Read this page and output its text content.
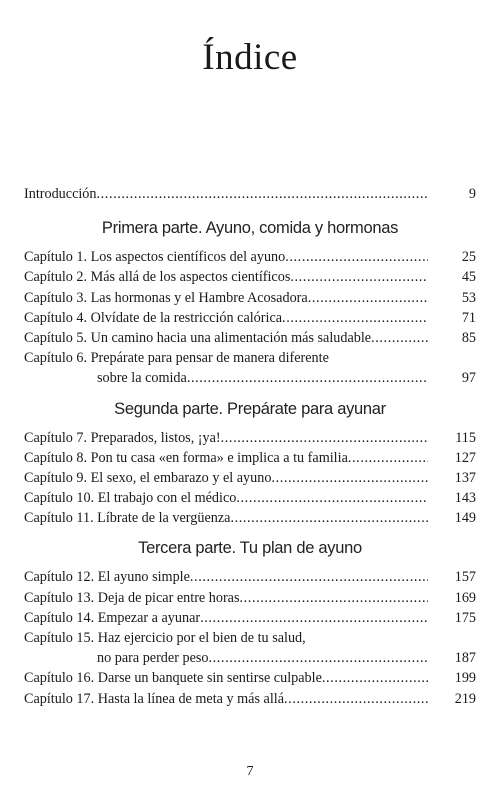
Índice
Introducción .....	9
Primera parte. Ayuno, comida y hormonas
Capítulo 1. Los aspectos científicos del ayuno .....	25
Capítulo 2. Más allá de los aspectos científicos .....	45
Capítulo 3. Las hormonas y el Hambre Acosadora .....	53
Capítulo 4. Olvídate de la restricción calórica .....	71
Capítulo 5. Un camino hacia una alimentación más saludable .....	85
Capítulo 6. Prepárate para pensar de manera diferente
sobre la comida .....	97
Segunda parte. Prepárate para ayunar
Capítulo 7. Preparados, listos, ¡ya! .....	115
Capítulo 8. Pon tu casa «en forma» e implica a tu familia .....	127
Capítulo 9. El sexo, el embarazo y el ayuno .....	137
Capítulo 10. El trabajo con el médico .....	143
Capítulo 11. Líbrate de la vergüenza .....	149
Tercera parte. Tu plan de ayuno
Capítulo 12. El ayuno simple .....	157
Capítulo 13. Deja de picar entre horas .....	169
Capítulo 14. Empezar a ayunar .....	175
Capítulo 15. Haz ejercicio por el bien de tu salud,
no para perder peso .....	187
Capítulo 16. Darse un banquete sin sentirse culpable .....	199
Capítulo 17. Hasta la línea de meta y más allá .....	219
7
